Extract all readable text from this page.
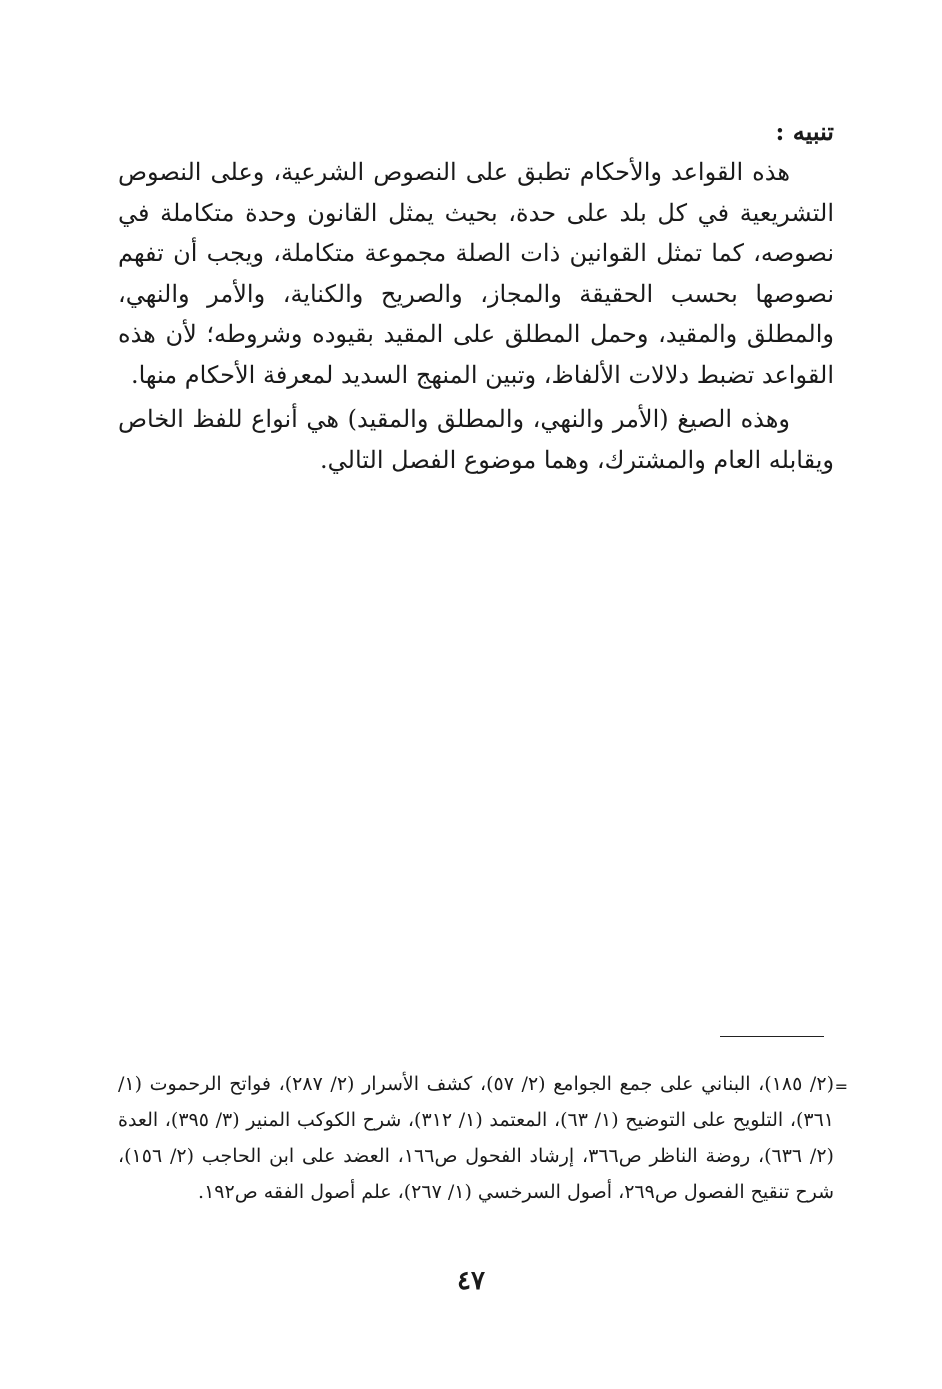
تنبيه :

هذه القواعد والأحكام تطبق على النصوص الشرعية، وعلى النصوص التشريعية في كل بلد على حدة، بحيث يمثل القانون وحدة متكاملة في نصوصه، كما تمثل القوانين ذات الصلة مجموعة متكاملة، ويجب أن تفهم نصوصها بحسب الحقيقة والمجاز، والصريح والكناية، والأمر والنهي، والمطلق والمقيد، وحمل المطلق على المقيد بقيوده وشروطه؛ لأن هذه القواعد تضبط دلالات الألفاظ، وتبين المنهج السديد لمعرفة الأحكام منها.

وهذه الصيغ (الأمر والنهي، والمطلق والمقيد) هي أنواع للفظ الخاص ويقابله العام والمشترك، وهما موضوع الفصل التالي.

=

(٢/ ١٨٥)، البناني على جمع الجوامع (٢/ ٥٧)، كشف الأسرار (٢/ ٢٨٧)، فواتح الرحموت (١/ ٣٦١)، التلويح على التوضيح (١/ ٦٣)، المعتمد (١/ ٣١٢)، شرح الكوكب المنير (٣/ ٣٩٥)، العدة (٢/ ٦٣٦)، روضة الناظر ص٣٦٦، إرشاد الفحول ص١٦٦، العضد على ابن الحاجب (٢/ ١٥٦)، شرح تنقيح الفصول ص٢٦٩، أصول السرخسي (١/ ٢٦٧)، علم أصول الفقه ص١٩٢.

٤٧
